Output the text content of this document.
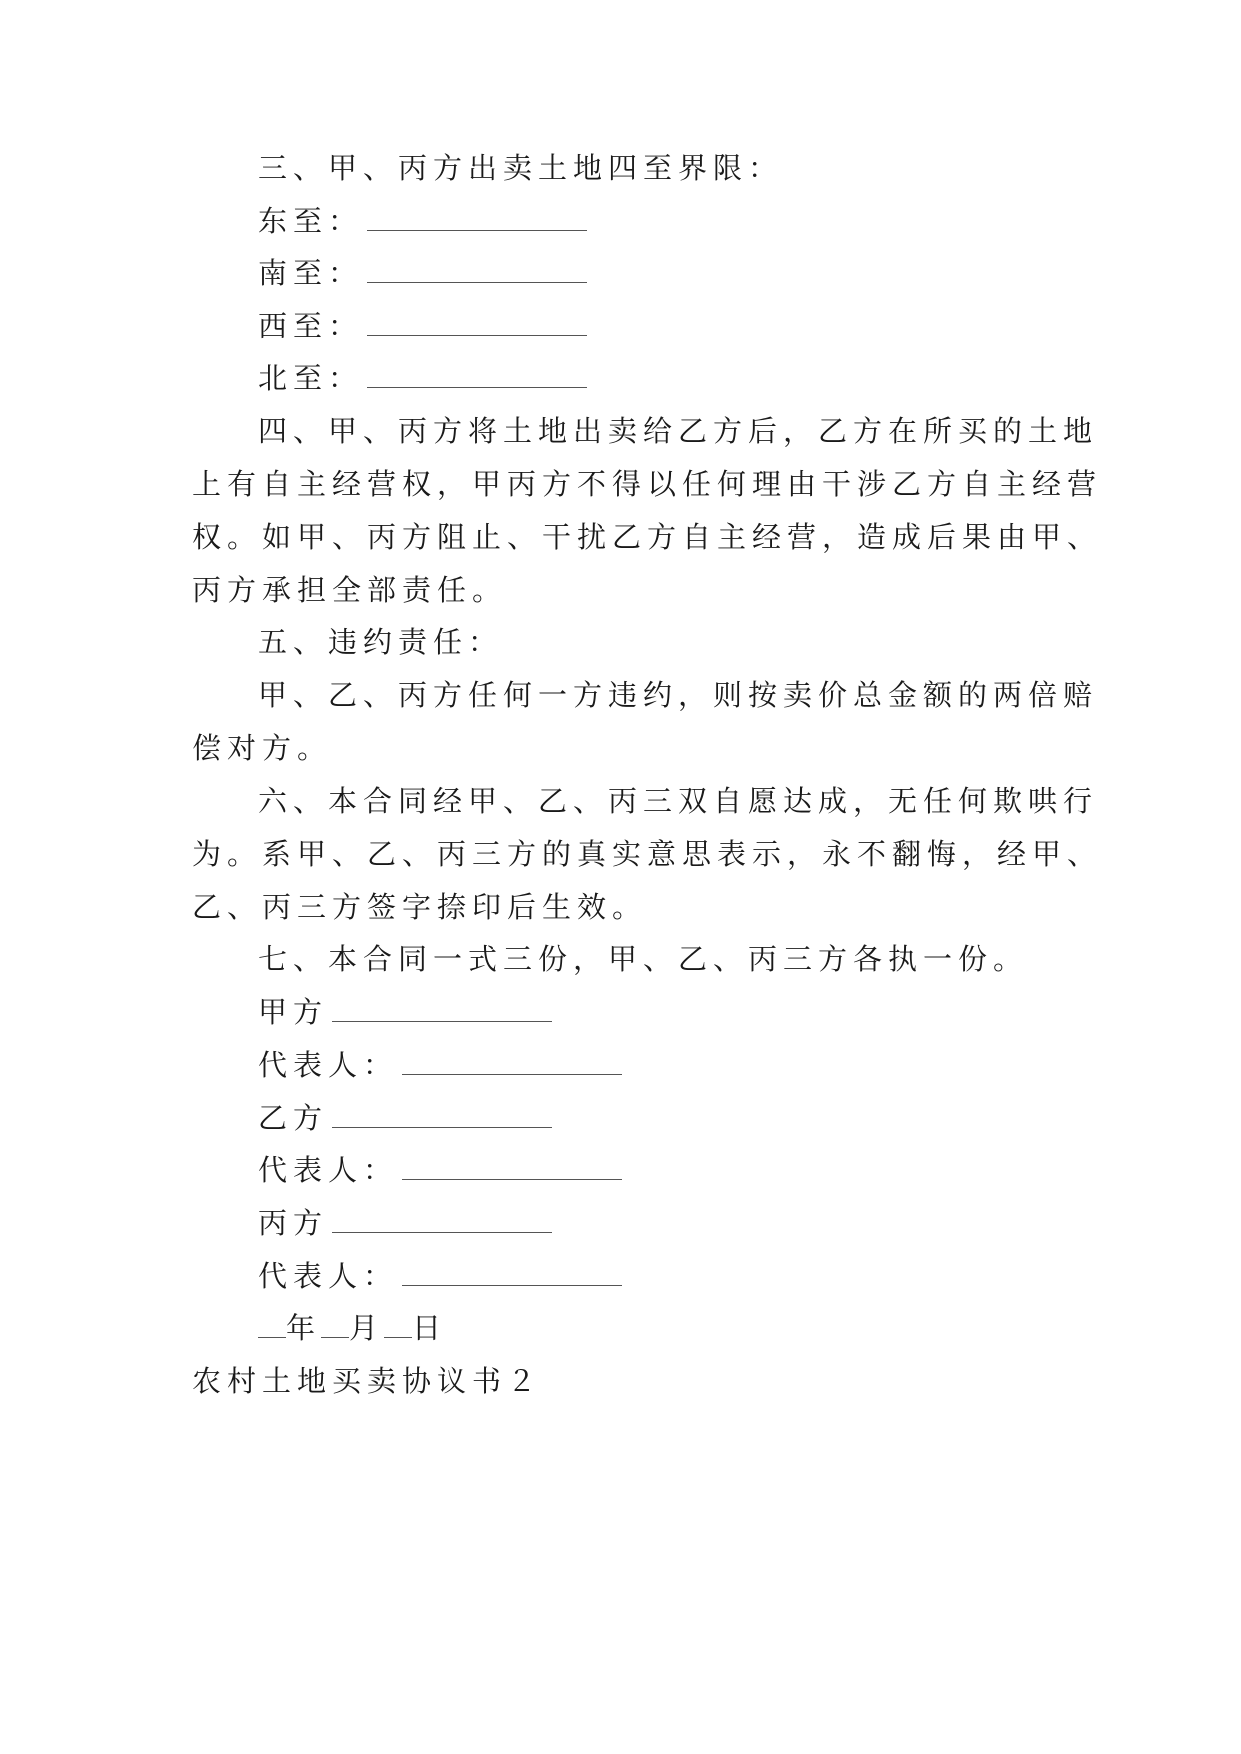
三、甲、丙方出卖土地四至界限：

东至：

南至：

西至：

北至：

四、甲、丙方将土地出卖给乙方后，乙方在所买的土地

上有自主经营权，甲丙方不得以任何理由干涉乙方自主经营

权。如甲、丙方阻止、干扰乙方自主经营，造成后果由甲、

丙方承担全部责任。

五、违约责任：

甲、乙、丙方任何一方违约，则按卖价总金额的两倍赔

偿对方。

六、本合同经甲、乙、丙三双自愿达成，无任何欺哄行

为。系甲、乙、丙三方的真实意思表示，永不翻悔，经甲、

乙、丙三方签字捺印后生效。

七、本合同一式三份，甲、乙、丙三方各执一份。

甲方

代表人：

乙方

代表人：

丙方

代表人：

年 月 日

农村土地买卖协议书２
